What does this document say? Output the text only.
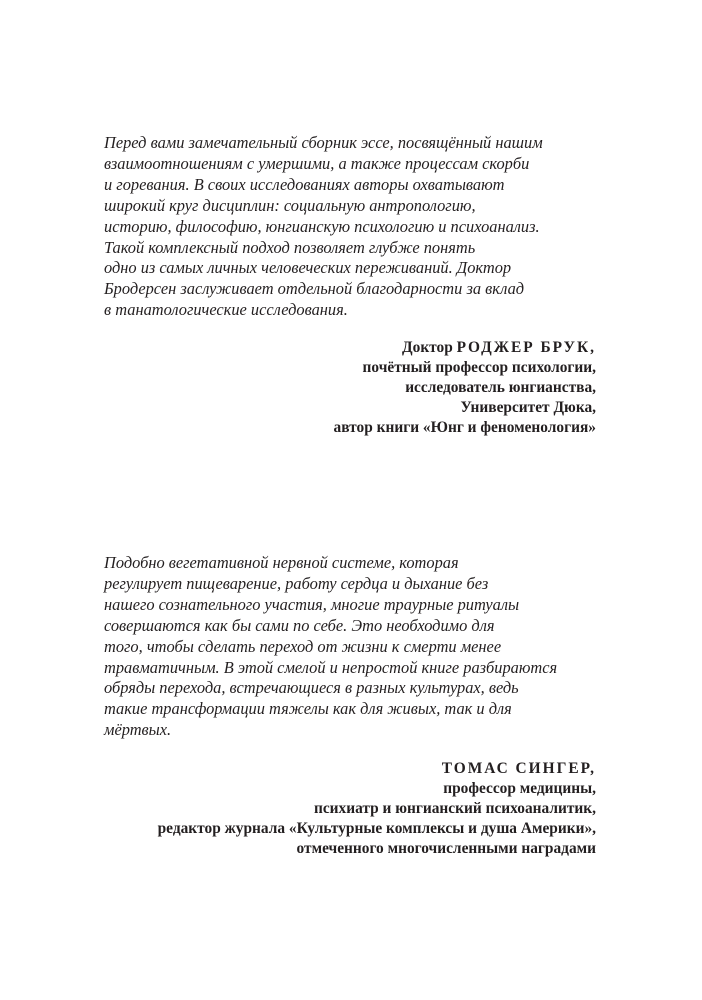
Перед вами замечательный сборник эссе, посвящённый нашим
взаимоотношениям с умершими, а также процессам скорби
и горевания. В своих исследованиях авторы охватывают
широкий круг дисциплин: социальную антропологию,
историю, философию, юнгианскую психологию и психоанализ.
Такой комплексный подход позволяет глубже понять
одно из самых личных человеческих переживаний. Доктор
Бродерсен заслуживает отдельной благодарности за вклад
в танатологические исследования.
Доктор РОДЖЕР БРУК,
почётный профессор психологии,
исследователь юнгианства,
Университет Дюка,
автор книги «Юнг и феноменология»
Подобно вегетативной нервной системе, которая
регулирует пищеварение, работу сердца и дыхание без
нашего сознательного участия, многие траурные ритуалы
совершаются как бы сами по себе. Это необходимо для
того, чтобы сделать переход от жизни к смерти менее
травматичным. В этой смелой и непростой книге разбираются
обряды перехода, встречающиеся в разных культурах, ведь
такие трансформации тяжелы как для живых, так и для
мёртвых.
ТОМАС СИНГЕР,
профессор медицины,
психиатр и юнгианский психоаналитик,
редактор журнала «Культурные комплексы и душа Америки»,
отмеченного многочисленными наградами
